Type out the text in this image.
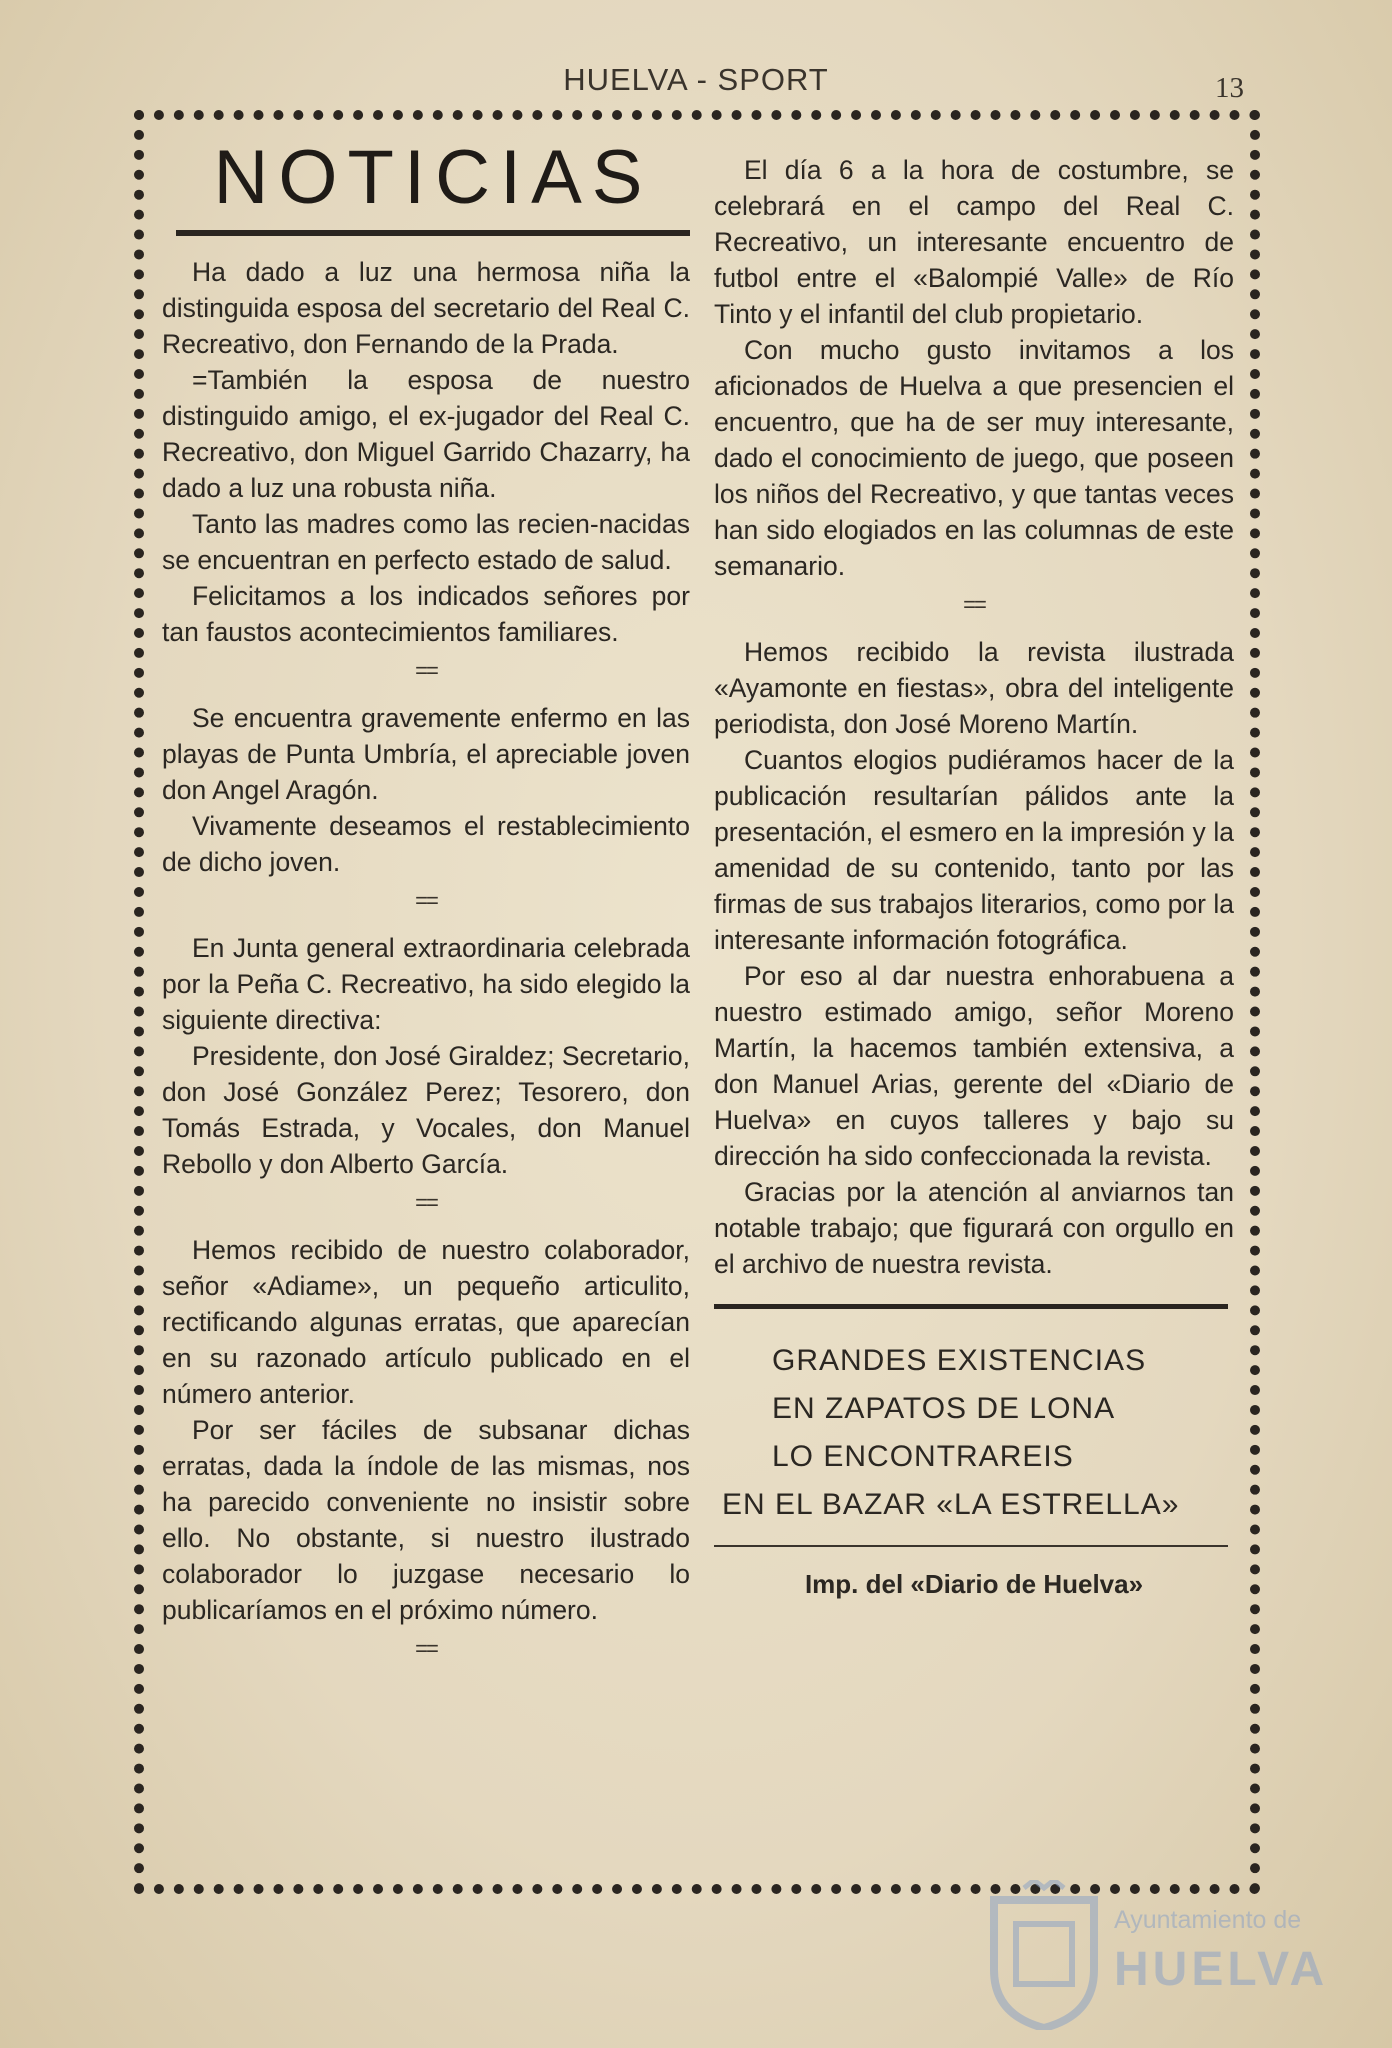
HUELVA - SPORT	13
NOTICIAS

Ha dado a luz una hermosa niña la distinguida esposa del secretario del Real C. Recreativo, don Fernando de la Prada.

=También la esposa de nuestro distinguido amigo, el ex-jugador del Real C. Recreativo, don Miguel Garrido Chazarry, ha dado a luz una robusta niña.

Tanto las madres como las recien-nacidas se encuentran en perfecto estado de salud.

Felicitamos a los indicados señores por tan faustos acontecimientos familiares.

==

Se encuentra gravemente enfermo en las playas de Punta Umbría, el apreciable joven don Angel Aragón.

Vivamente deseamos el restablecimiento de dicho joven.

==

En Junta general extraordinaria celebrada por la Peña C. Recreativo, ha sido elegido la siguiente directiva:

Presidente, don José Giraldez; Secretario, don José González Perez; Tesorero, don Tomás Estrada, y Vocales, don Manuel Rebollo y don Alberto García.

==

Hemos recibido de nuestro colaborador, señor «Adiame», un pequeño articulito, rectificando algunas erratas, que aparecían en su razonado artículo publicado en el número anterior.

Por ser fáciles de subsanar dichas erratas, dada la índole de las mismas, nos ha parecido conveniente no insistir sobre ello. No obstante, si nuestro ilustrado colaborador lo juzgase necesario lo publicaríamos en el próximo número.

==

El día 6 a la hora de costumbre, se celebrará en el campo del Real C. Recreativo, un interesante encuentro de futbol entre el «Balompié Valle» de Río Tinto y el infantil del club propietario.

Con mucho gusto invitamos a los aficionados de Huelva a que presencien el encuentro, que ha de ser muy interesante, dado el conocimiento de juego, que poseen los niños del Recreativo, y que tantas veces han sido elogiados en las columnas de este semanario.

==

Hemos recibido la revista ilustrada «Ayamonte en fiestas», obra del inteligente periodista, don José Moreno Martín.

Cuantos elogios pudiéramos hacer de la publicación resultarían pálidos ante la presentación, el esmero en la impresión y la amenidad de su contenido, tanto por las firmas de sus trabajos literarios, como por la interesante información fotográfica.

Por eso al dar nuestra enhorabuena a nuestro estimado amigo, señor Moreno Martín, la hacemos también extensiva, a don Manuel Arias, gerente del «Diario de Huelva» en cuyos talleres y bajo su dirección ha sido confeccionada la revista.

Gracias por la atención al anviarnos tan notable trabajo; que figurará con orgullo en el archivo de nuestra revista.

GRANDES EXISTENCIAS
EN ZAPATOS DE LONA
LO ENCONTRAREIS
EN EL BAZAR «LA ESTRELLA»
Imp. del «Diario de Huelva»
Ayuntamiento de
HUELVA
